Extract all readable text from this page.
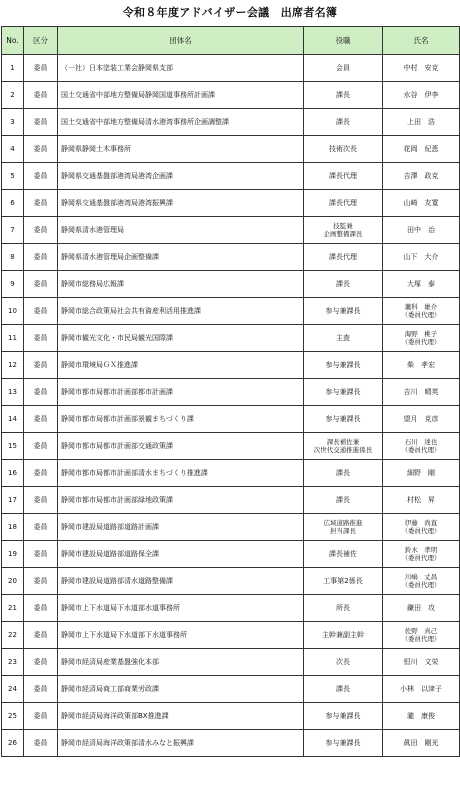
令和８年度アドバイザー会議　出席者名簿
No.	区分	団体名	役職	氏名
1	委員	（一社）日本塗装工業会静岡県支部	会員	中村　安克
2	委員	国土交通省中部地方整備局静岡国道事務所計画課	課長	水谷　伊李
3	委員	国土交通省中部地方整備局清水港湾事務所企画調整課	課長	上田　浩
4	委員	静岡県静岡土木事務所	技術次長	花岡　紀恵
5	委員	静岡県交通基盤部港湾局港湾企画課	課長代理	吉澤　政克
6	委員	静岡県交通基盤部港湾局港湾振興課	課長代理	山崎　友寛
7	委員	静岡県清水港管理局	技監兼
企画整備課長	田中　治
8	委員	静岡県清水港管理局企画整備課	課長代理	山下　大介
9	委員	静岡市総務局広報課	課長	大塚　泰
10	委員	静岡市総合政策局社会共有資産利活用推進課	参与兼課長	藁科　雄介
（委員代理）
11	委員	静岡市観光文化・市民局観光国際課	主査	海野　桃子
（委員代理）
12	委員	静岡市環境局ＧＸ推進課	参与兼課長	柴　孝宏
13	委員	静岡市都市局都市計画部都市計画課	参与兼課長	吉川　晴英
14	委員	静岡市都市局都市計画部景観まちづくり課	参与兼課長	望月　克彦
15	委員	静岡市都市局都市計画部交通政策課	課長補佐兼
次世代交通推進係長	石川　達也
（委員代理）
16	委員	静岡市都市局都市計画部清水まちづくり推進課	課長	細野　剛
17	委員	静岡市都市局都市計画部緑地政策課	課長	村松　昇
18	委員	静岡市建設局道路部道路計画課	広域道路推進
担当課長	伊藤　尚直
（委員代理）
19	委員	静岡市建設局道路部道路保全課	課長補佐	鈴木　孝明
（委員代理）
20	委員	静岡市建設局道路部清水道路整備課	工事第2係長	川嶋　丈昌
（委員代理）
21	委員	静岡市上下水道局下水道部水道事務所	所長	鎌田　攻
22	委員	静岡市上下水道局下水道部下水道事務所	主幹兼副主幹	佐野　真己
（委員代理）
23	委員	静岡市経済局産業基盤強化本部	次長	恒川　文栄
24	委員	静岡市経済局商工部商業労政課	課長	小林　以津子
25	委員	静岡市経済局海洋政策部BX推進課	参与兼課長	瀧　康俊
26	委員	静岡市経済局海洋政策部清水みなと振興課	参与兼課長	眞田　剛光
